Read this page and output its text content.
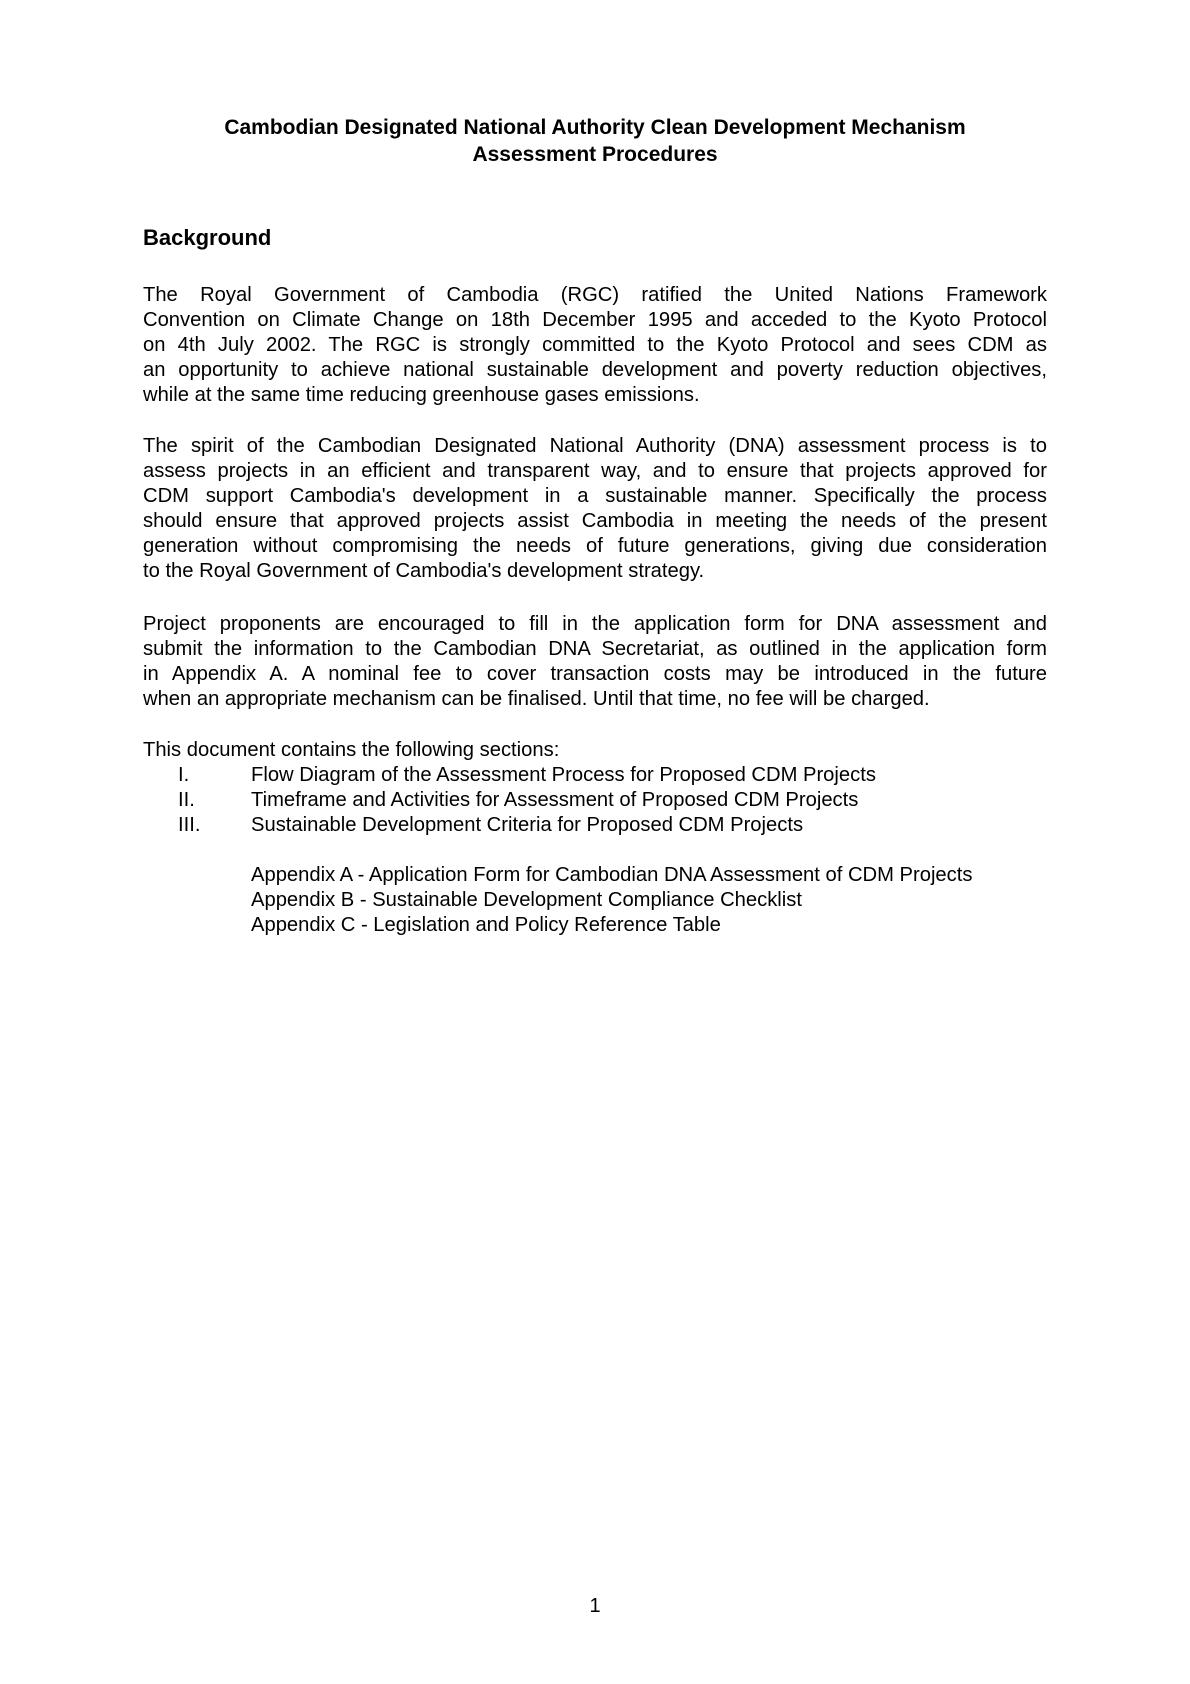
Cambodian Designated National Authority Clean Development Mechanism
Assessment Procedures
Background
The Royal Government of Cambodia (RGC) ratified the United Nations Framework
Convention on Climate Change on 18th December 1995 and acceded to the Kyoto Protocol
on 4th July 2002. The RGC is strongly committed to the Kyoto Protocol and sees CDM as
an opportunity to achieve national sustainable development and poverty reduction objectives,
while at the same time reducing greenhouse gases emissions.
The spirit of the Cambodian Designated National Authority (DNA) assessment process is to
assess projects in an efficient and transparent way, and to ensure that projects approved for
CDM support Cambodia's development in a sustainable manner. Specifically the process
should ensure that approved projects assist Cambodia in meeting the needs of the present
generation without compromising the needs of future generations, giving due consideration
to the Royal Government of Cambodia's development strategy.
Project proponents are encouraged to fill in the application form for DNA assessment and
submit the information to the Cambodian DNA Secretariat, as outlined in the application form
in Appendix A. A nominal fee to cover transaction costs may be introduced in the future
when an appropriate mechanism can be finalised. Until that time, no fee will be charged.
This document contains the following sections:
I.	Flow Diagram of the Assessment Process for Proposed CDM Projects
II.	Timeframe and Activities for Assessment of Proposed CDM Projects
III.	Sustainable Development Criteria for Proposed CDM Projects
Appendix A - Application Form for Cambodian DNA Assessment of CDM Projects
Appendix B - Sustainable Development Compliance Checklist
Appendix C - Legislation and Policy Reference Table
1
